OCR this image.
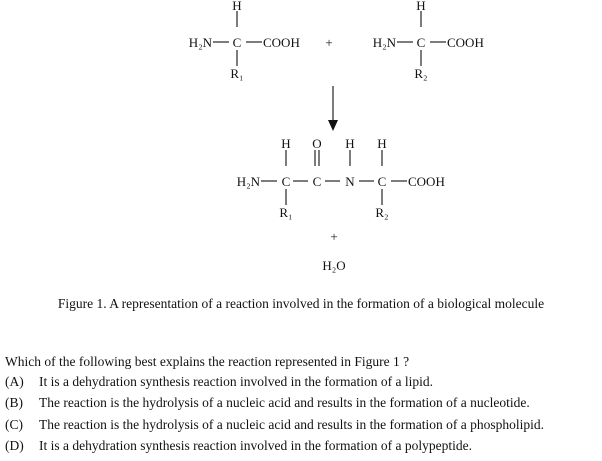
H
H₂N C COOH
R₁
+
H
H₂N C COOH
R₂
H O H H
H₂N C C N C COOH
R₁	R₂
+
H₂O
Figure 1. A representation of a reaction involved in the formation of a biological molecule
Which of the following best explains the reaction represented in Figure 1 ?
(A) It is a dehydration synthesis reaction involved in the formation of a lipid.
(B) The reaction is the hydrolysis of a nucleic acid and results in the formation of a nucleotide.
(C) The reaction is the hydrolysis of a nucleic acid and results in the formation of a phospholipid.
(D) It is a dehydration synthesis reaction involved in the formation of a polypeptide.
